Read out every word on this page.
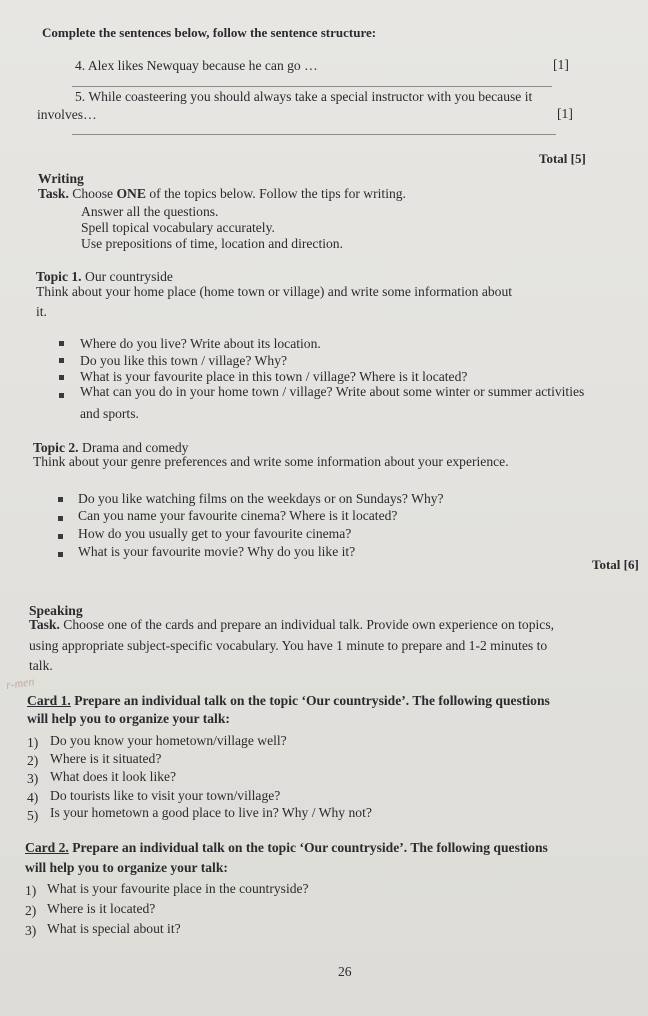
Complete the sentences below, follow the sentence structure:
4. Alex likes Newquay because he can go …	[1]
5. While coasteering you should always take a special instructor with you because it
involves…	[1]
Total [5]
Writing
Task. Choose ONE of the topics below. Follow the tips for writing.
Answer all the questions.
Spell topical vocabulary accurately.
Use prepositions of time, location and direction.
Topic 1. Our countryside
Think about your home place (home town or village) and write some information about
it.
Where do you live? Write about its location.
Do you like this town / village? Why?
What is your favourite place in this town / village? Where is it located?
What can you do in your home town / village? Write about some winter or summer activities
and sports.
Topic 2. Drama and comedy
Think about your genre preferences and write some information about your experience.
Do you like watching films on the weekdays or on Sundays? Why?
Can you name your favourite cinema? Where is it located?
How do you usually get to your favourite cinema?
What is your favourite movie? Why do you like it?
Total [6]
Speaking
Task. Choose one of the cards and prepare an individual talk. Provide own experience on topics,
using appropriate subject-specific vocabulary. You have 1 minute to prepare and 1-2 minutes to
talk.
r-men
Card 1. Prepare an individual talk on the topic ‘Our countryside’. The following questions
will help you to organize your talk:
1) Do you know your hometown/village well?
2) Where is it situated?
3) What does it look like?
4) Do tourists like to visit your town/village?
5) Is your hometown a good place to live in? Why / Why not?
Card 2. Prepare an individual talk on the topic ‘Our countryside’. The following questions
will help you to organize your talk:
1) What is your favourite place in the countryside?
2) Where is it located?
3) What is special about it?
26
